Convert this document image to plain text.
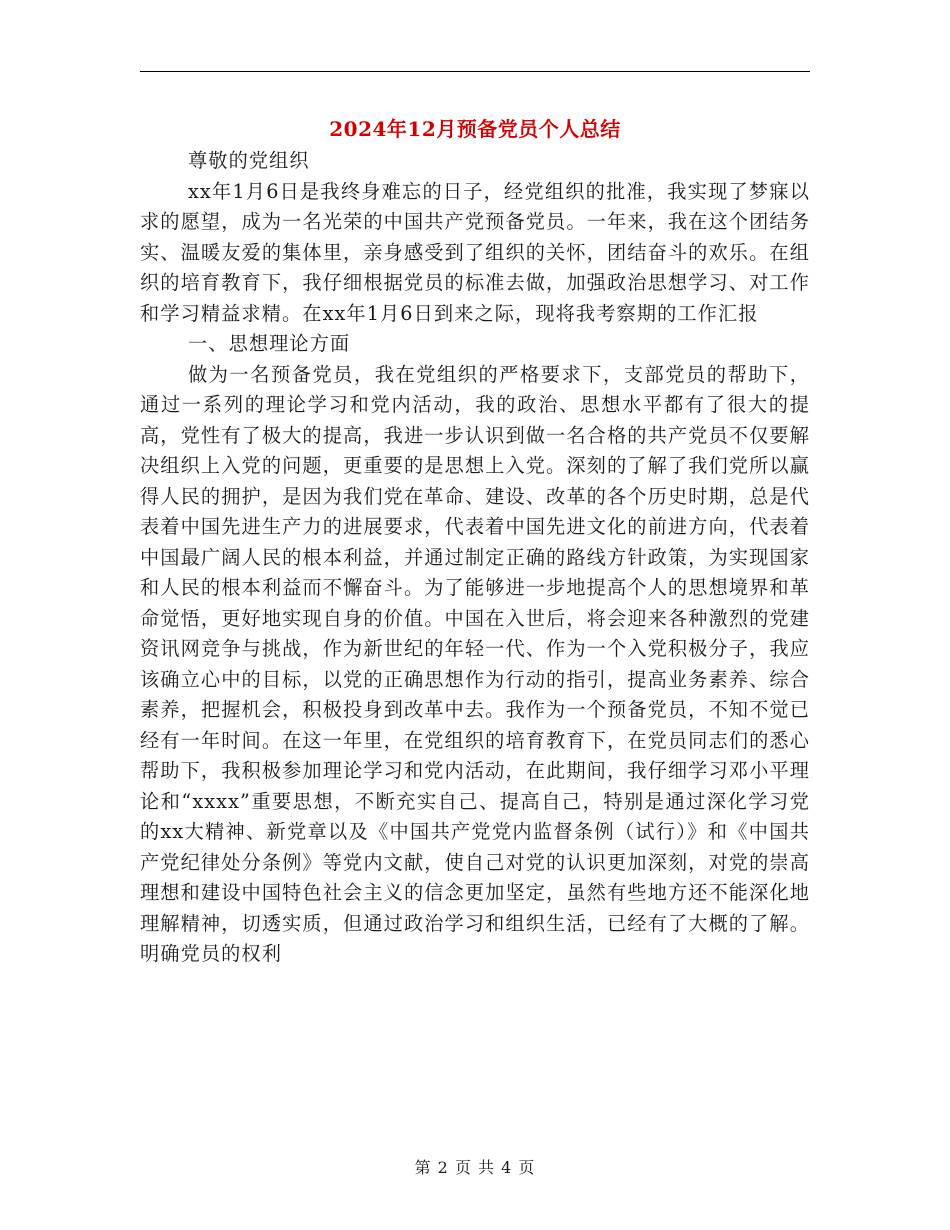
2024年12月预备党员个人总结

尊敬的党组织

xx年1月6日是我终身难忘的日子，经党组织的批准，我实现了梦寐以求的愿望，成为一名光荣的中国共产党预备党员。一年来，我在这个团结务实、温暖友爱的集体里，亲身感受到了组织的关怀，团结奋斗的欢乐。在组织的培育教育下，我仔细根据党员的标准去做，加强政治思想学习、对工作和学习精益求精。在xx年1月6日到来之际，现将我考察期的工作汇报

一、思想理论方面

做为一名预备党员，我在党组织的严格要求下，支部党员的帮助下，通过一系列的理论学习和党内活动，我的政治、思想水平都有了很大的提高，党性有了极大的提高，我进一步认识到做一名合格的共产党员不仅要解决组织上入党的问题，更重要的是思想上入党。深刻的了解了我们党所以赢得人民的拥护，是因为我们党在革命、建设、改革的各个历史时期，总是代表着中国先进生产力的进展要求，代表着中国先进文化的前进方向，代表着中国最广阔人民的根本利益，并通过制定正确的路线方针政策，为实现国家和人民的根本利益而不懈奋斗。为了能够进一步地提高个人的思想境界和革命觉悟，更好地实现自身的价值。中国在入世后，将会迎来各种激烈的党建资讯网竞争与挑战，作为新世纪的年轻一代、作为一个入党积极分子，我应该确立心中的目标，以党的正确思想作为行动的指引，提高业务素养、综合素养，把握机会，积极投身到改革中去。我作为一个预备党员，不知不觉已经有一年时间。在这一年里，在党组织的培育教育下，在党员同志们的悉心帮助下，我积极参加理论学习和党内活动，在此期间，我仔细学习邓小平理论和“xxxx”重要思想，不断充实自己、提高自己，特别是通过深化学习党的xx大精神、新党章以及《中国共产党党内监督条例（试行）》和《中国共产党纪律处分条例》等党内文献，使自己对党的认识更加深刻，对党的崇高理想和建设中国特色社会主义的信念更加坚定，虽然有些地方还不能深化地理解精神，切透实质，但通过政治学习和组织生活，已经有了大概的了解。明确党员的权利

第 2 页 共 4 页
